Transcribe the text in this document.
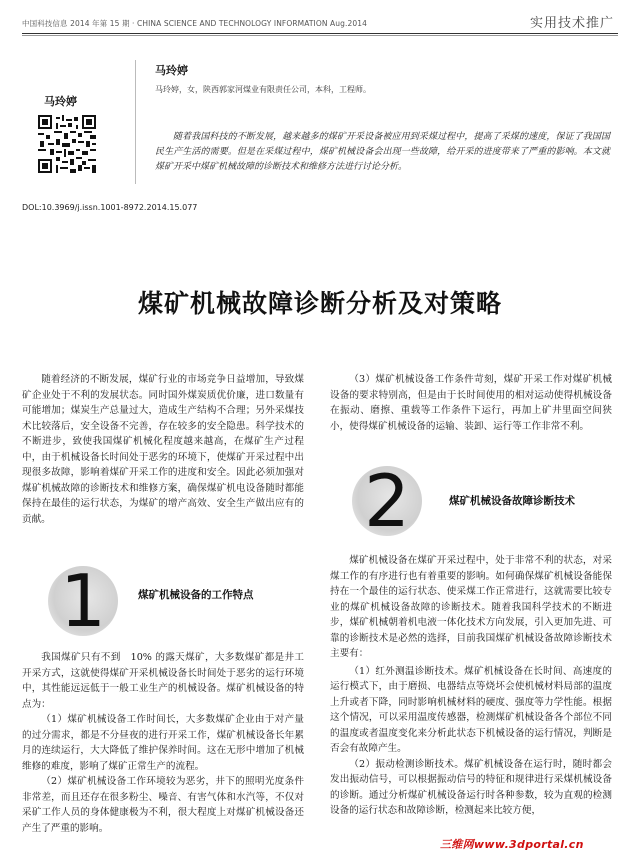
中国科技信息 2014 年第 15 期 · CHINA SCIENCE AND TECHNOLOGY INFORMATION Aug.2014	实用技术推广
马玲婷
马玲婷
马玲婷，女，陕西郭家河煤业有限责任公司，本科，工程师。
随着我国科技的不断发展，越来越多的煤矿开采设备被应用到采煤过程中，提高了采煤的速度，保证了我国国民生产生活的需要。但是在采煤过程中，煤矿机械设备会出现一些故障，给开采的进度带来了严重的影响。本文就煤矿开采中煤矿机械故障的诊断技术和维修方法进行讨论分析。
DOL:10.3969/j.issn.1001-8972.2014.15.077
煤矿机械故障诊断分析及对策略

随着经济的不断发展，煤矿行业的市场竞争日益增加，导致煤矿企业处于不利的发展状态。同时国外煤炭质优价廉，进口数量有可能增加；煤炭生产总量过大，造成生产结构不合理；另外采煤技术比较落后，安全设备不完善，存在较多的安全隐患。科学技术的不断进步，致使我国煤矿机械化程度越来越高，在煤矿生产过程中，由于机械设备长时间处于恶劣的环境下，使煤矿开采过程中出现很多故障，影响着煤矿开采工作的进度和安全。因此必须加强对煤矿机械故障的诊断技术和维修方案，确保煤矿机电设备随时都能保持在最佳的运行状态，为煤矿的增产高效、安全生产做出应有的贡献。

1	煤矿机械设备的工作特点

我国煤矿只有不到　10% 的露天煤矿，大多数煤矿都是井工开采方式，这就使得煤矿开采机械设备长时间处于恶劣的运行环境中，其性能远远低于一般工业生产的机械设备。煤矿机械设备的特点为：

（1）煤矿机械设备工作时间长，大多数煤矿企业由于对产量的过分需求，都是不分昼夜的进行开采工作，煤矿机械设备长年累月的连续运行，大大降低了维护保养时间。这在无形中增加了机械维修的难度，影响了煤矿正常生产的流程。

（2）煤矿机械设备工作环境较为恶劣，井下的照明光度条件非常差，而且还存在很多粉尘、噪音、有害气体和水汽等，不仅对采矿工作人员的身体健康极为不利，很大程度上对煤矿机械设备还产生了严重的影响。

（3）煤矿机械设备工作条件苛刻，煤矿开采工作对煤矿机械设备的要求特别高，但是由于长时间使用的相对运动使得机械设备在振动、磨擦、重载等工作条件下运行，再加上矿井里面空间狭小，使得煤矿机械设备的运输、装卸、运行等工作非常不利。

2	煤矿机械设备故障诊断技术

煤矿机械设备在煤矿开采过程中，处于非常不利的状态，对采煤工作的有序进行也有着重要的影响。如何确保煤矿机械设备能保持在一个最佳的运行状态、使采煤工作正常进行，这就需要比较专业的煤矿机械设备故障的诊断技术。随着我国科学技术的不断进步，煤矿机械朝着机电液一体化技术方向发展，引入更加先进、可靠的诊断技术是必然的选择，目前我国煤矿机械设备故障诊断技术主要有：

（1）红外测温诊断技术。煤矿机械设备在长时间、高速度的运行模式下，由于磨损、电器结点等烧坏会使机械材料局部的温度上升或者下降，同时影响机械材料的硬度、强度等力学性能。根据这个情况，可以采用温度传感器，检测煤矿机械设备各个部位不同的温度或者温度变化来分析此状态下机械设备的运行情况，判断是否会有故障产生。

（2）振动检测诊断技术。煤矿机械设备在运行时，随时都会发出振动信号，可以根据振动信号的特征和规律进行采煤机械设备的诊断。通过分析煤矿机械设备运行时各种参数，较为直观的检测设备的运行状态和故障诊断，检测起来比较方便，

三维网www.3dportal.cn
